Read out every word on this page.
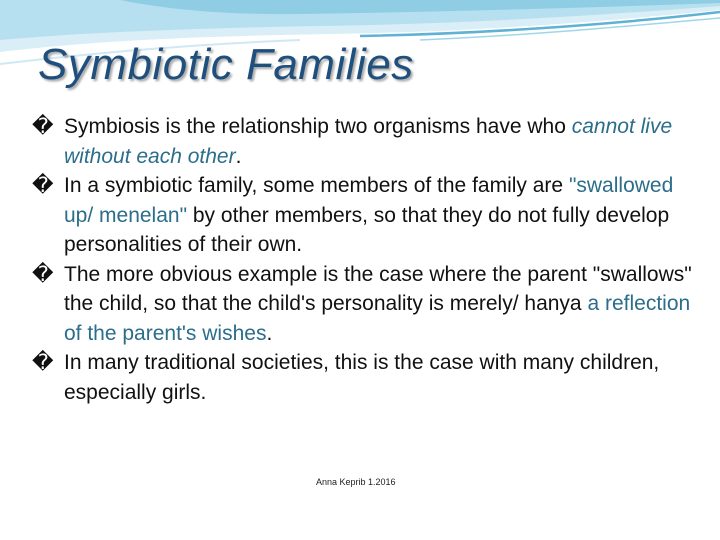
Symbiotic Families

� Symbiosis is the relationship two organisms have who cannot live without each other.

� In a symbiotic family, some members of the family are "swallowed up/ menelan" by other members, so that they do not fully develop personalities of their own.

� The more obvious example is the case where the parent "swallows" the child, so that the child's personality is merely/ hanya a reflection of the parent's wishes.

� In many traditional societies, this is the case with many children, especially girls.

Anna Keprib 1.2016
